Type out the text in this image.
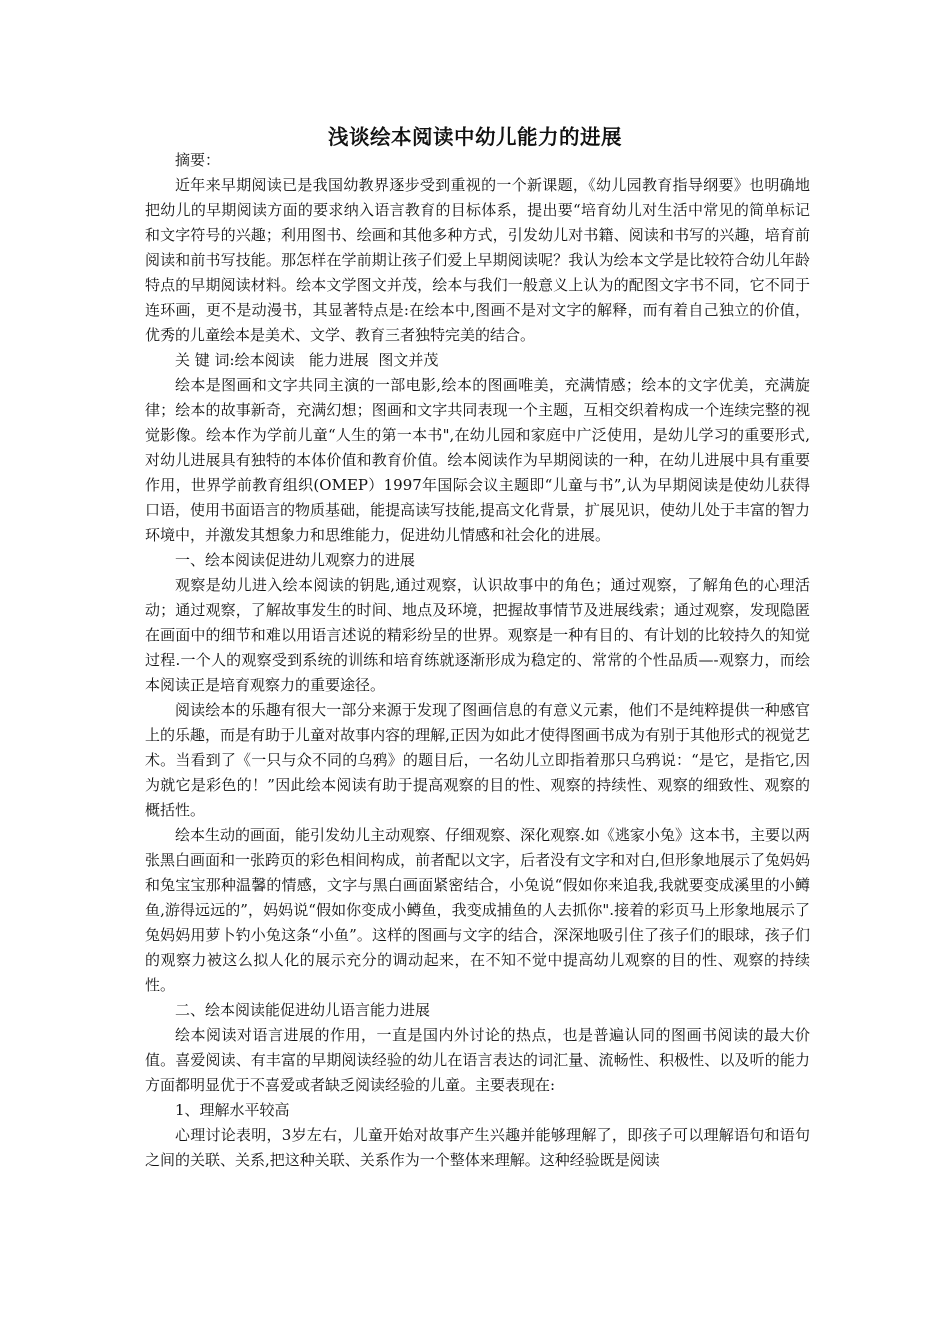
浅谈绘本阅读中幼儿能力的进展

摘要：

近年来早期阅读已是我国幼教界逐步受到重视的一个新课题，《幼儿园教育指导纲要》也明确地把幼儿的早期阅读方面的要求纳入语言教育的目标体系，提出要“培育幼儿对生活中常见的简单标记和文字符号的兴趣；利用图书、绘画和其他多种方式，引发幼儿对书籍、阅读和书写的兴趣，培育前阅读和前书写技能。那怎样在学前期让孩子们爱上早期阅读呢？我认为绘本文学是比较符合幼儿年龄特点的早期阅读材料。绘本文学图文并茂，绘本与我们一般意义上认为的配图文字书不同，它不同于连环画，更不是动漫书，其显著特点是:在绘本中,图画不是对文字的解释，而有着自己独立的价值，优秀的儿童绘本是美术、文学、教育三者独特完美的结合。

关 键 词:绘本阅读   能力进展  图文并茂

绘本是图画和文字共同主演的一部电影,绘本的图画唯美，充满情感；绘本的文字优美，充满旋律；绘本的故事新奇，充满幻想；图画和文字共同表现一个主题，互相交织着构成一个连续完整的视觉影像。绘本作为学前儿童“人生的第一本书",在幼儿园和家庭中广泛使用，是幼儿学习的重要形式,对幼儿进展具有独特的本体价值和教育价值。绘本阅读作为早期阅读的一种，在幼儿进展中具有重要作用，世界学前教育组织(OMEP）1997年国际会议主题即“儿童与书”,认为早期阅读是使幼儿获得口语，使用书面语言的物质基础，能提高读写技能,提高文化背景，扩展见识，使幼儿处于丰富的智力环境中，并激发其想象力和思维能力，促进幼儿情感和社会化的进展。

一、绘本阅读促进幼儿观察力的进展

观察是幼儿进入绘本阅读的钥匙,通过观察，认识故事中的角色；通过观察，了解角色的心理活动；通过观察，了解故事发生的时间、地点及环境，把握故事情节及进展线索；通过观察，发现隐匿在画面中的细节和难以用语言述说的精彩纷呈的世界。观察是一种有目的、有计划的比较持久的知觉过程.一个人的观察受到系统的训练和培育练就逐渐形成为稳定的、常常的个性品质—-观察力，而绘本阅读正是培育观察力的重要途径。

阅读绘本的乐趣有很大一部分来源于发现了图画信息的有意义元素，他们不是纯粹提供一种感官上的乐趣，而是有助于儿童对故事内容的理解,正因为如此才使得图画书成为有别于其他形式的视觉艺术。当看到了《一只与众不同的乌鸦》的题目后，一名幼儿立即指着那只乌鸦说：“是它，是指它,因为就它是彩色的！”因此绘本阅读有助于提高观察的目的性、观察的持续性、观察的细致性、观察的概括性。

绘本生动的画面，能引发幼儿主动观察、仔细观察、深化观察.如《逃家小兔》这本书，主要以两张黑白画面和一张跨页的彩色相间构成，前者配以文字，后者没有文字和对白,但形象地展示了兔妈妈和兔宝宝那种温馨的情感，文字与黑白画面紧密结合，小兔说“假如你来追我,我就要变成溪里的小鳟鱼,游得远远的”，妈妈说“假如你变成小鳟鱼，我变成捕鱼的人去抓你".接着的彩页马上形象地展示了兔妈妈用萝卜钓小兔这条“小鱼”。这样的图画与文字的结合，深深地吸引住了孩子们的眼球，孩子们的观察力被这么拟人化的展示充分的调动起来，在不知不觉中提高幼儿观察的目的性、观察的持续性。

二、绘本阅读能促进幼儿语言能力进展

绘本阅读对语言进展的作用，一直是国内外讨论的热点，也是普遍认同的图画书阅读的最大价值。喜爱阅读、有丰富的早期阅读经验的幼儿在语言表达的词汇量、流畅性、积极性、以及听的能力方面都明显优于不喜爱或者缺乏阅读经验的儿童。主要表现在:

1、理解水平较高

心理讨论表明，3岁左右，儿童开始对故事产生兴趣并能够理解了，即孩子可以理解语句和语句之间的关联、关系,把这种关联、关系作为一个整体来理解。这种经验既是阅读
